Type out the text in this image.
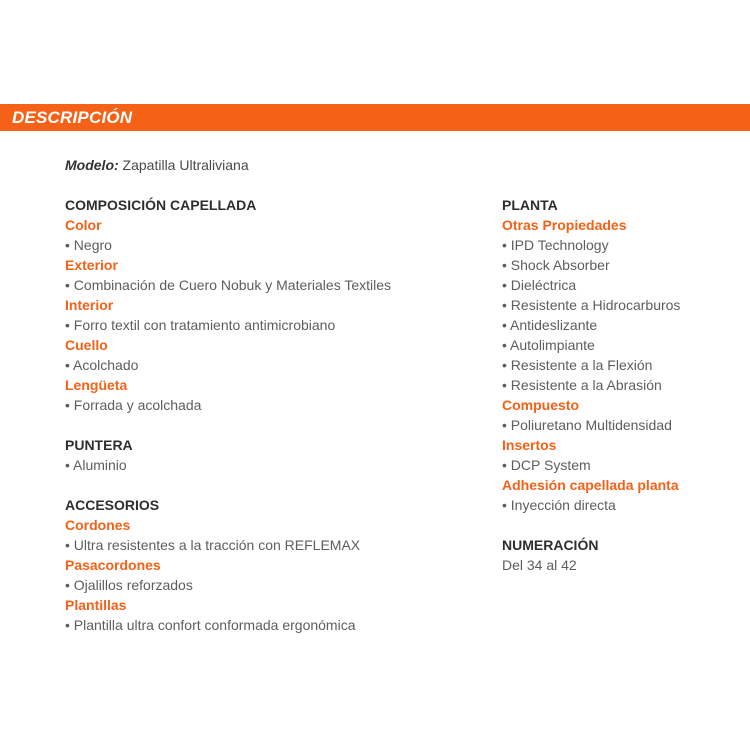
DESCRIPCIÓN
Modelo: Zapatilla Ultraliviana
COMPOSICIÓN CAPELLADA
Color
• Negro
Exterior
• Combinación de Cuero Nobuk y Materiales Textiles
Interior
• Forro textil con tratamiento antimicrobiano
Cuello
• Acolchado
Lengüeta
• Forrada y acolchada
PUNTERA
• Aluminio
ACCESORIOS
Cordones
• Ultra resistentes a la tracción con REFLEMAX
Pasacordones
• Ojalillos reforzados
Plantillas
• Plantilla ultra confort conformada ergonómica
PLANTA
Otras Propiedades
• IPD Technology
• Shock Absorber
• Dieléctrica
• Resistente a Hidrocarburos
• Antideslizante
• Autolimpiante
• Resistente a la Flexión
• Resistente a la Abrasión
Compuesto
• Poliuretano Multidensidad
Insertos
• DCP System
Adhesión capellada planta
• Inyección directa
NUMERACIÓN
Del 34 al 42
